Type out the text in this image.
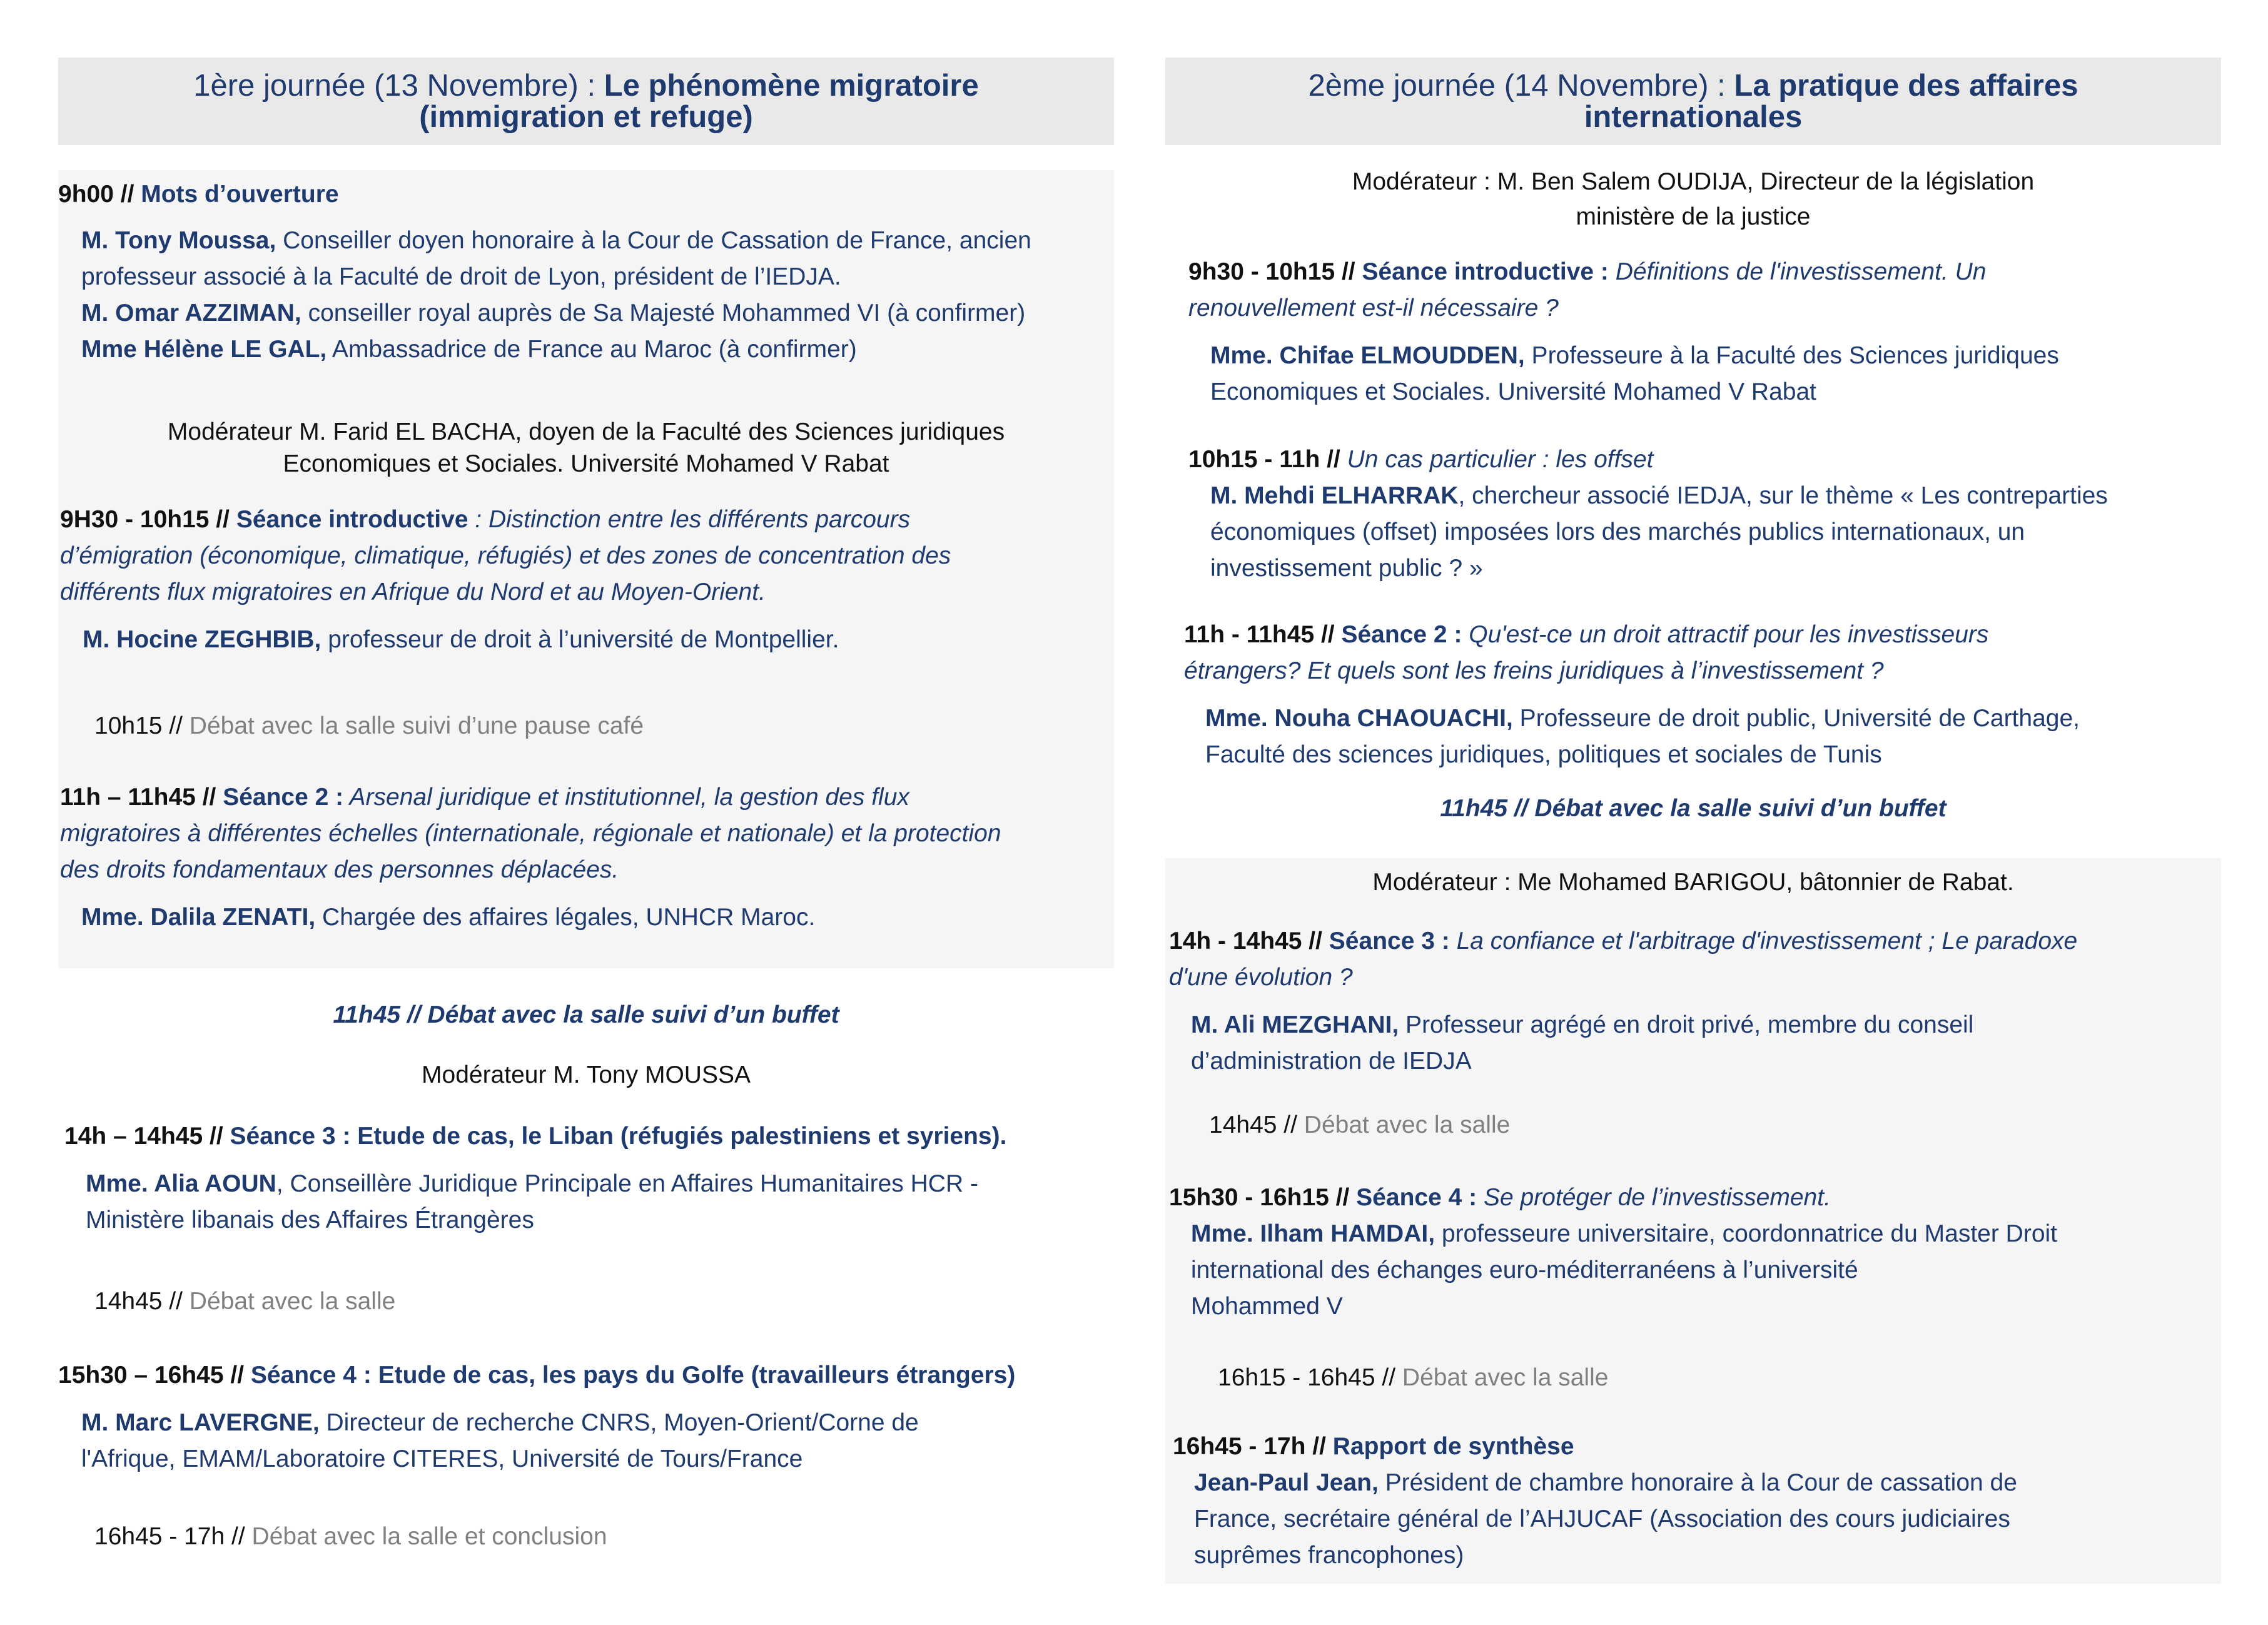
1ère journée (13 Novembre) : Le phénomène migratoire
(immigration et refuge)
9h00 // Mots d’ouverture
M. Tony Moussa, Conseiller doyen honoraire à la Cour de Cassation de France, ancien
professeur associé à la Faculté de droit de Lyon, président de l’IEDJA.
M. Omar AZZIMAN, conseiller royal auprès de Sa Majesté Mohammed VI (à confirmer)
Mme Hélène LE GAL, Ambassadrice de France au Maroc (à confirmer)
Modérateur M. Farid EL BACHA, doyen de la Faculté des Sciences juridiques
Economiques et Sociales. Université Mohamed V Rabat
9H30 - 10h15 // Séance introductive : Distinction entre les différents parcours
d’émigration (économique, climatique, réfugiés) et des zones de concentration des
différents flux migratoires en Afrique du Nord et au Moyen-Orient.
M. Hocine ZEGHBIB, professeur de droit à l’université de Montpellier.
10h15 // Débat avec la salle suivi d’une pause café
11h – 11h45 // Séance 2 : Arsenal juridique et institutionnel, la gestion des flux
migratoires à différentes échelles (internationale, régionale et nationale) et la protection
des droits fondamentaux des personnes déplacées.
Mme. Dalila ZENATI, Chargée des affaires légales, UNHCR Maroc.
11h45 // Débat avec la salle suivi d’un buffet
Modérateur M. Tony MOUSSA
14h – 14h45 // Séance 3 : Etude de cas, le Liban (réfugiés palestiniens et syriens).
Mme. Alia AOUN, Conseillère Juridique Principale en Affaires Humanitaires HCR -
Ministère libanais des Affaires Étrangères
14h45 // Débat avec la salle
15h30 – 16h45 // Séance 4 : Etude de cas, les pays du Golfe (travailleurs étrangers)
M. Marc LAVERGNE, Directeur de recherche CNRS, Moyen-Orient/Corne de
l'Afrique, EMAM/Laboratoire CITERES, Université de Tours/France
16h45 - 17h // Débat avec la salle et conclusion
2ème journée (14 Novembre) : La pratique des affaires
internationales
Modérateur : M. Ben Salem OUDIJA, Directeur de la législation
ministère de la justice
9h30 - 10h15 // Séance introductive : Définitions de l'investissement. Un
renouvellement est-il nécessaire ?
Mme. Chifae ELMOUDDEN, Professeure à la Faculté des Sciences juridiques
Economiques et Sociales. Université Mohamed V Rabat
10h15 - 11h // Un cas particulier : les offset
M. Mehdi ELHARRAK, chercheur associé IEDJA, sur le thème « Les contreparties
économiques (offset) imposées lors des marchés publics internationaux, un
investissement public ? »
11h - 11h45 // Séance 2 : Qu'est-ce un droit attractif pour les investisseurs
étrangers? Et quels sont les freins juridiques à l’investissement ?
Mme. Nouha CHAOUACHI, Professeure de droit public, Université de Carthage,
Faculté des sciences juridiques, politiques et sociales de Tunis
11h45 // Débat avec la salle suivi d’un buffet
Modérateur : Me Mohamed BARIGOU, bâtonnier de Rabat.
14h - 14h45 // Séance 3 : La confiance et l'arbitrage d'investissement ; Le paradoxe
d'une évolution ?
M. Ali MEZGHANI, Professeur agrégé en droit privé, membre du conseil
d’administration de IEDJA
14h45 // Débat avec la salle
15h30 - 16h15 // Séance 4 : Se protéger de l’investissement.
Mme. Ilham HAMDAI, professeure universitaire, coordonnatrice du Master Droit
international des échanges euro-méditerranéens à l’université
Mohammed V
16h15 - 16h45 // Débat avec la salle
16h45 - 17h // Rapport de synthèse
Jean-Paul Jean, Président de chambre honoraire à la Cour de cassation de
France, secrétaire général de l’AHJUCAF (Association des cours judiciaires
suprêmes francophones)
